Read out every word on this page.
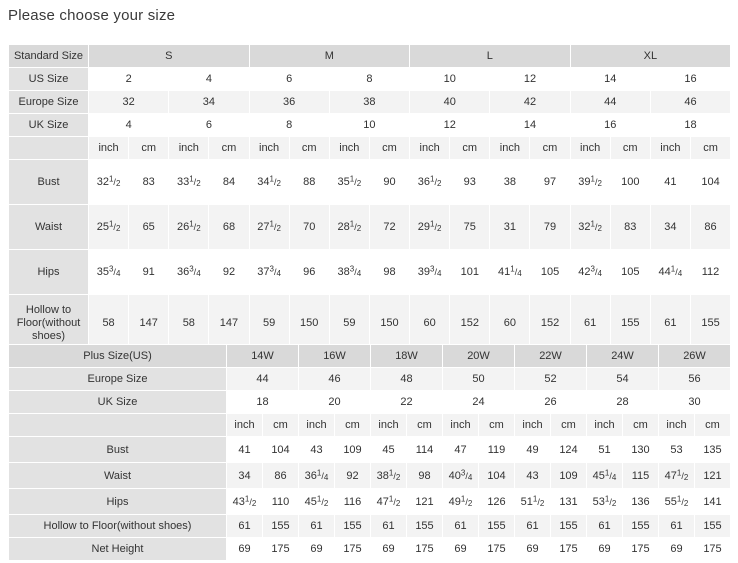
Please choose your size
Standard Size	S				M				L				XL			
US Size	2		4		6		8		10		12		14		16	
Europe Size	32		34		36		38		40		42		44		46	
UK Size	4		6		8		10		12		14		16		18	
	inch	cm	inch	cm	inch	cm	inch	cm	inch	cm	inch	cm	inch	cm	inch	cm
Bust	$32^1/_2$	83	$33^1/_2$	84	$34^1/_2$	88	$35^1/_2$	90	$36^1/_2$	93	38	97	$39^1/_2$	100	41	104
Waist	$25^1/_2$	65	$26^1/_2$	68	$27^1/_2$	70	$28^1/_2$	72	$29^1/_2$	75	31	79	$32^1/_2$	83	34	86
Hips	$35^3/_4$	91	$36^3/_4$	92	$37^3/_4$	96	$38^3/_4$	98	$39^3/_4$	101	$41^1/_4$	105	$42^3/_4$	105	$44^1/_4$	112

Hollow to Floor(without shoes)	58	147	58	147	59	150	59	150	60	152	60	152	61	155	61	155

Plus Size(US)	14W		16W		18W		20W		22W		24W		26W	
Europe Size	44		46		48		50		52		54		56	
UK Size	18		20		22		24		26		28		30	
	inch	cm	inch	cm	inch	cm	inch	cm	inch	cm	inch	cm	inch	cm
Bust	41	104	43	109	45	114	47	119	49	124	51	130	53	135
Waist	34	86	$36^1/_4$	92	$38^1/_2$	98	$40^3/_4$	104	43	109	$45^1/_4$	115	$47^1/_2$	121
Hips	$43^1/_2$	110	$45^1/_2$	116	$47^1/_2$	121	$49^1/_2$	126	$51^1/_2$	131	$53^1/_2$	136	$55^1/_2$	141
Hollow to Floor(without shoes)	61	155	61	155	61	155	61	155	61	155	61	155	61	155
Net Height	69	175	69	175	69	175	69	175	69	175	69	175	69	175
